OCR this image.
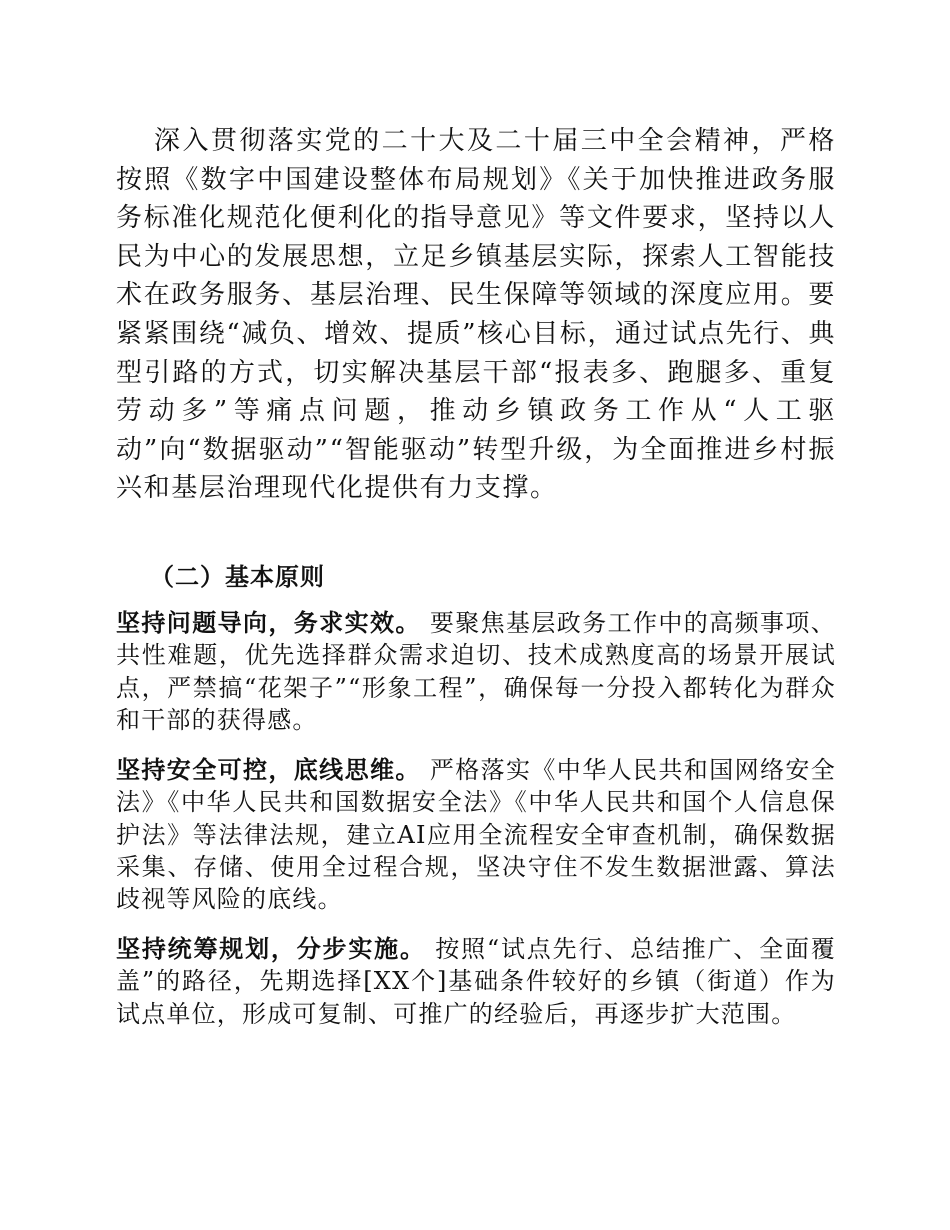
深入贯彻落实党的二十大及二十届三中全会精神，严格按照《数字中国建设整体布局规划》《关于加快推进政务服务标准化规范化便利化的指导意见》等文件要求，坚持以人民为中心的发展思想，立足乡镇基层实际，探索人工智能技术在政务服务、基层治理、民生保障等领域的深度应用。要紧紧围绕“减负、增效、提质”核心目标，通过试点先行、典型引路的方式，切实解决基层干部“报表多、跑腿多、重复劳动多”等痛点问题，推动乡镇政务工作从“人工驱动”向“数据驱动”“智能驱动”转型升级，为全面推进乡村振兴和基层治理现代化提供有力支撑。

（二）基本原则

坚持问题导向，务求实效。 要聚焦基层政务工作中的高频事项、共性难题，优先选择群众需求迫切、技术成熟度高的场景开展试点，严禁搞“花架子”“形象工程”，确保每一分投入都转化为群众和干部的获得感。

坚持安全可控，底线思维。 严格落实《中华人民共和国网络安全法》《中华人民共和国数据安全法》《中华人民共和国个人信息保护法》等法律法规，建立AI应用全流程安全审查机制，确保数据采集、存储、使用全过程合规，坚决守住不发生数据泄露、算法歧视等风险的底线。

坚持统筹规划，分步实施。 按照“试点先行、总结推广、全面覆盖”的路径，先期选择[XX个]基础条件较好的乡镇（街道）作为试点单位，形成可复制、可推广的经验后，再逐步扩大范围。
